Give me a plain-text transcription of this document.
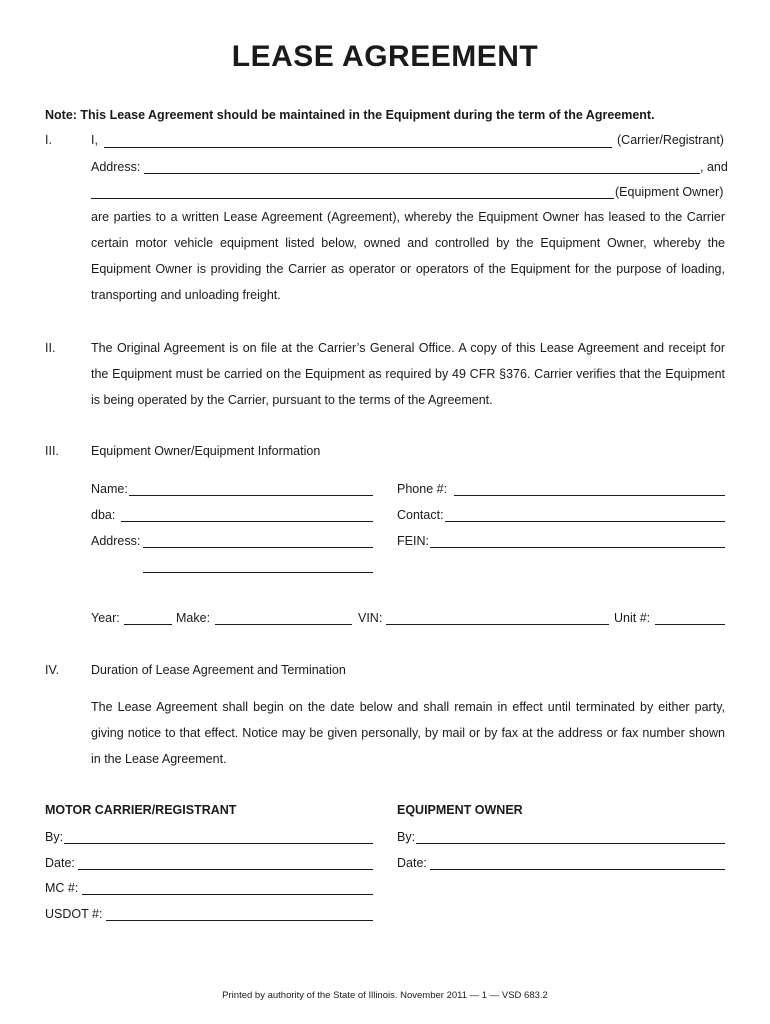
LEASE AGREEMENT
Note: This Lease Agreement should be maintained in the Equipment during the term of the Agreement.
I.	I,	(Carrier/Registrant)
Address:	, and
(Equipment Owner)
are parties to a written Lease Agreement (Agreement), whereby the Equipment Owner has leased to the Carrier certain motor vehicle equipment listed below, owned and controlled by the Equipment Owner, whereby the Equipment Owner is providing the Carrier as operator or operators of the Equipment for the purpose of loading, transporting and unloading freight.
II.	The Original Agreement is on file at the Carrier’s General Office. A copy of this Lease Agreement and receipt for the Equipment must be carried on the Equipment as required by 49 CFR §376. Carrier verifies that the Equipment is being operated by the Carrier, pursuant to the terms of the Agreement.
III.	Equipment Owner/Equipment Information
Name:	Phone #:
dba:	Contact:
Address:	FEIN:
Year:	Make:	VIN:	Unit #:
IV.	Duration of Lease Agreement and Termination
The Lease Agreement shall begin on the date below and shall remain in effect until terminated by either party, giving notice to that effect. Notice may be given personally, by mail or by fax at the address or fax number shown in the Lease Agreement.
MOTOR CARRIER/REGISTRANT	EQUIPMENT OWNER
By:	By:
Date:	Date:
MC #:
USDOT #:
Printed by authority of the State of Illinois. November 2011 — 1 — VSD 683.2
